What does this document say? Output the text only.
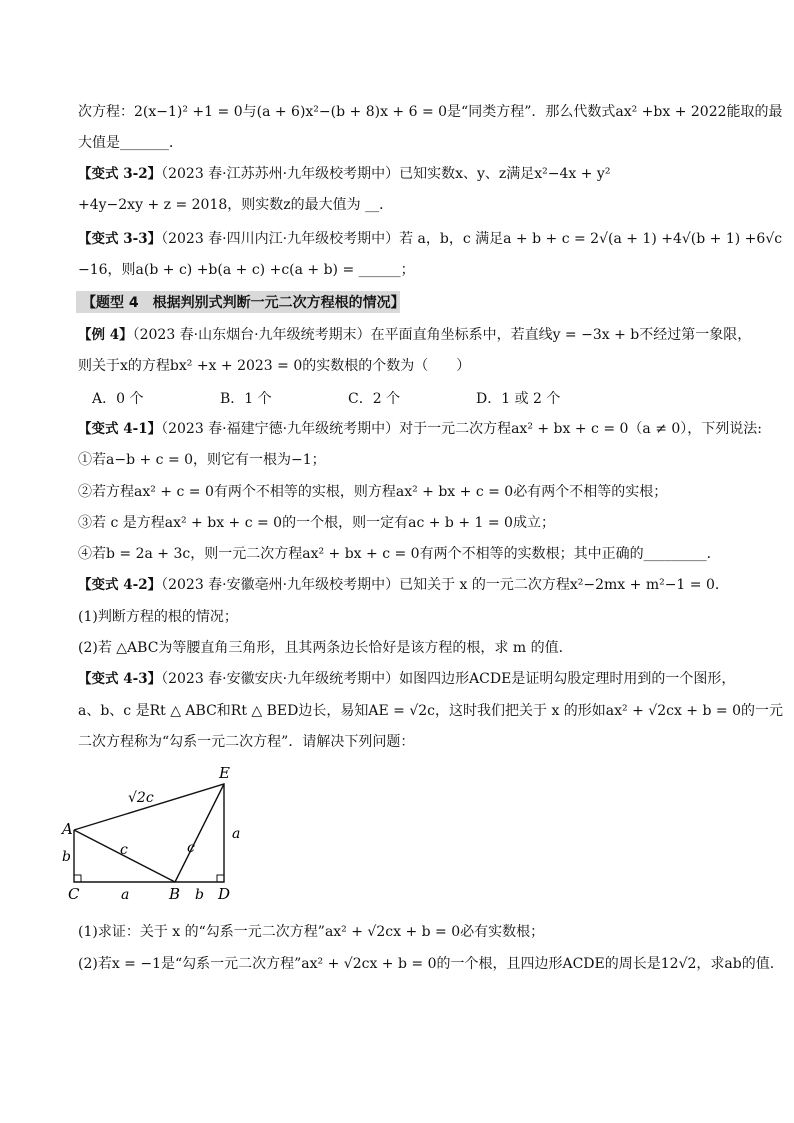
次方程：2(x−1)² +1 = 0与(a + 6)x²−(b + 8)x + 6 = 0是“同类方程”．那么代数式ax² +bx + 2022能取的最
大值是_______．
【变式 3-2】（2023 春·江苏苏州·九年级校考期中）已知实数x、y、z满足x²−4x + y²
+4y−2xy + z = 2018，则实数z的最大值为 __．
【变式 3-3】（2023 春·四川内江·九年级校考期中）若 a，b，c 满足a + b + c = 2√(a + 1) +4√(b + 1) +6√c
−16，则a(b + c) +b(a + c) +c(a + b) = ______；
【题型 4　根据判别式判断一元二次方程根的情况】
【例 4】（2023 春·山东烟台·九年级统考期末）在平面直角坐标系中，若直线y = −3x + b不经过第一象限，
则关于x的方程bx² +x + 2023 = 0的实数根的个数为（　　）
A．0 个	B．1 个	C．2 个	D．1 或 2 个
【变式 4-1】（2023 春·福建宁德·九年级统考期中）对于一元二次方程ax² + bx + c = 0（a ≠ 0），下列说法:
①若a−b + c = 0，则它有一根为−1；
②若方程ax² + c = 0有两个不相等的实根，则方程ax² + bx + c = 0必有两个不相等的实根；
③若 c 是方程ax² + bx + c = 0的一个根，则一定有ac + b + 1 = 0成立；
④若b = 2a + 3c，则一元二次方程ax² + bx + c = 0有两个不相等的实数根；其中正确的_________．
【变式 4-2】（2023 春·安徽亳州·九年级校考期中）已知关于 x 的一元二次方程x²−2mx + m²−1 = 0．
(1)判断方程的根的情况；
(2)若 △ABC为等腰直角三角形，且其两条边长恰好是该方程的根，求 m 的值．
【变式 4-3】（2023 春·安徽安庆·九年级统考期中）如图四边形ACDE是证明勾股定理时用到的一个图形，
a、b、c 是Rt △ ABC和Rt △ BED边长，易知AE = √2c，这时我们把关于 x 的形如ax² + √2cx + b = 0的一元
二次方程称为“勾系一元二次方程”．请解决下列问题：
A
C	B	D
E
√2c
b
a
c	c
b
a
(1)求证：关于 x 的“勾系一元二次方程”ax² + √2cx + b = 0必有实数根；
(2)若x = −1是“勾系一元二次方程”ax² + √2cx + b = 0的一个根，且四边形ACDE的周长是12√2，求ab的值.
